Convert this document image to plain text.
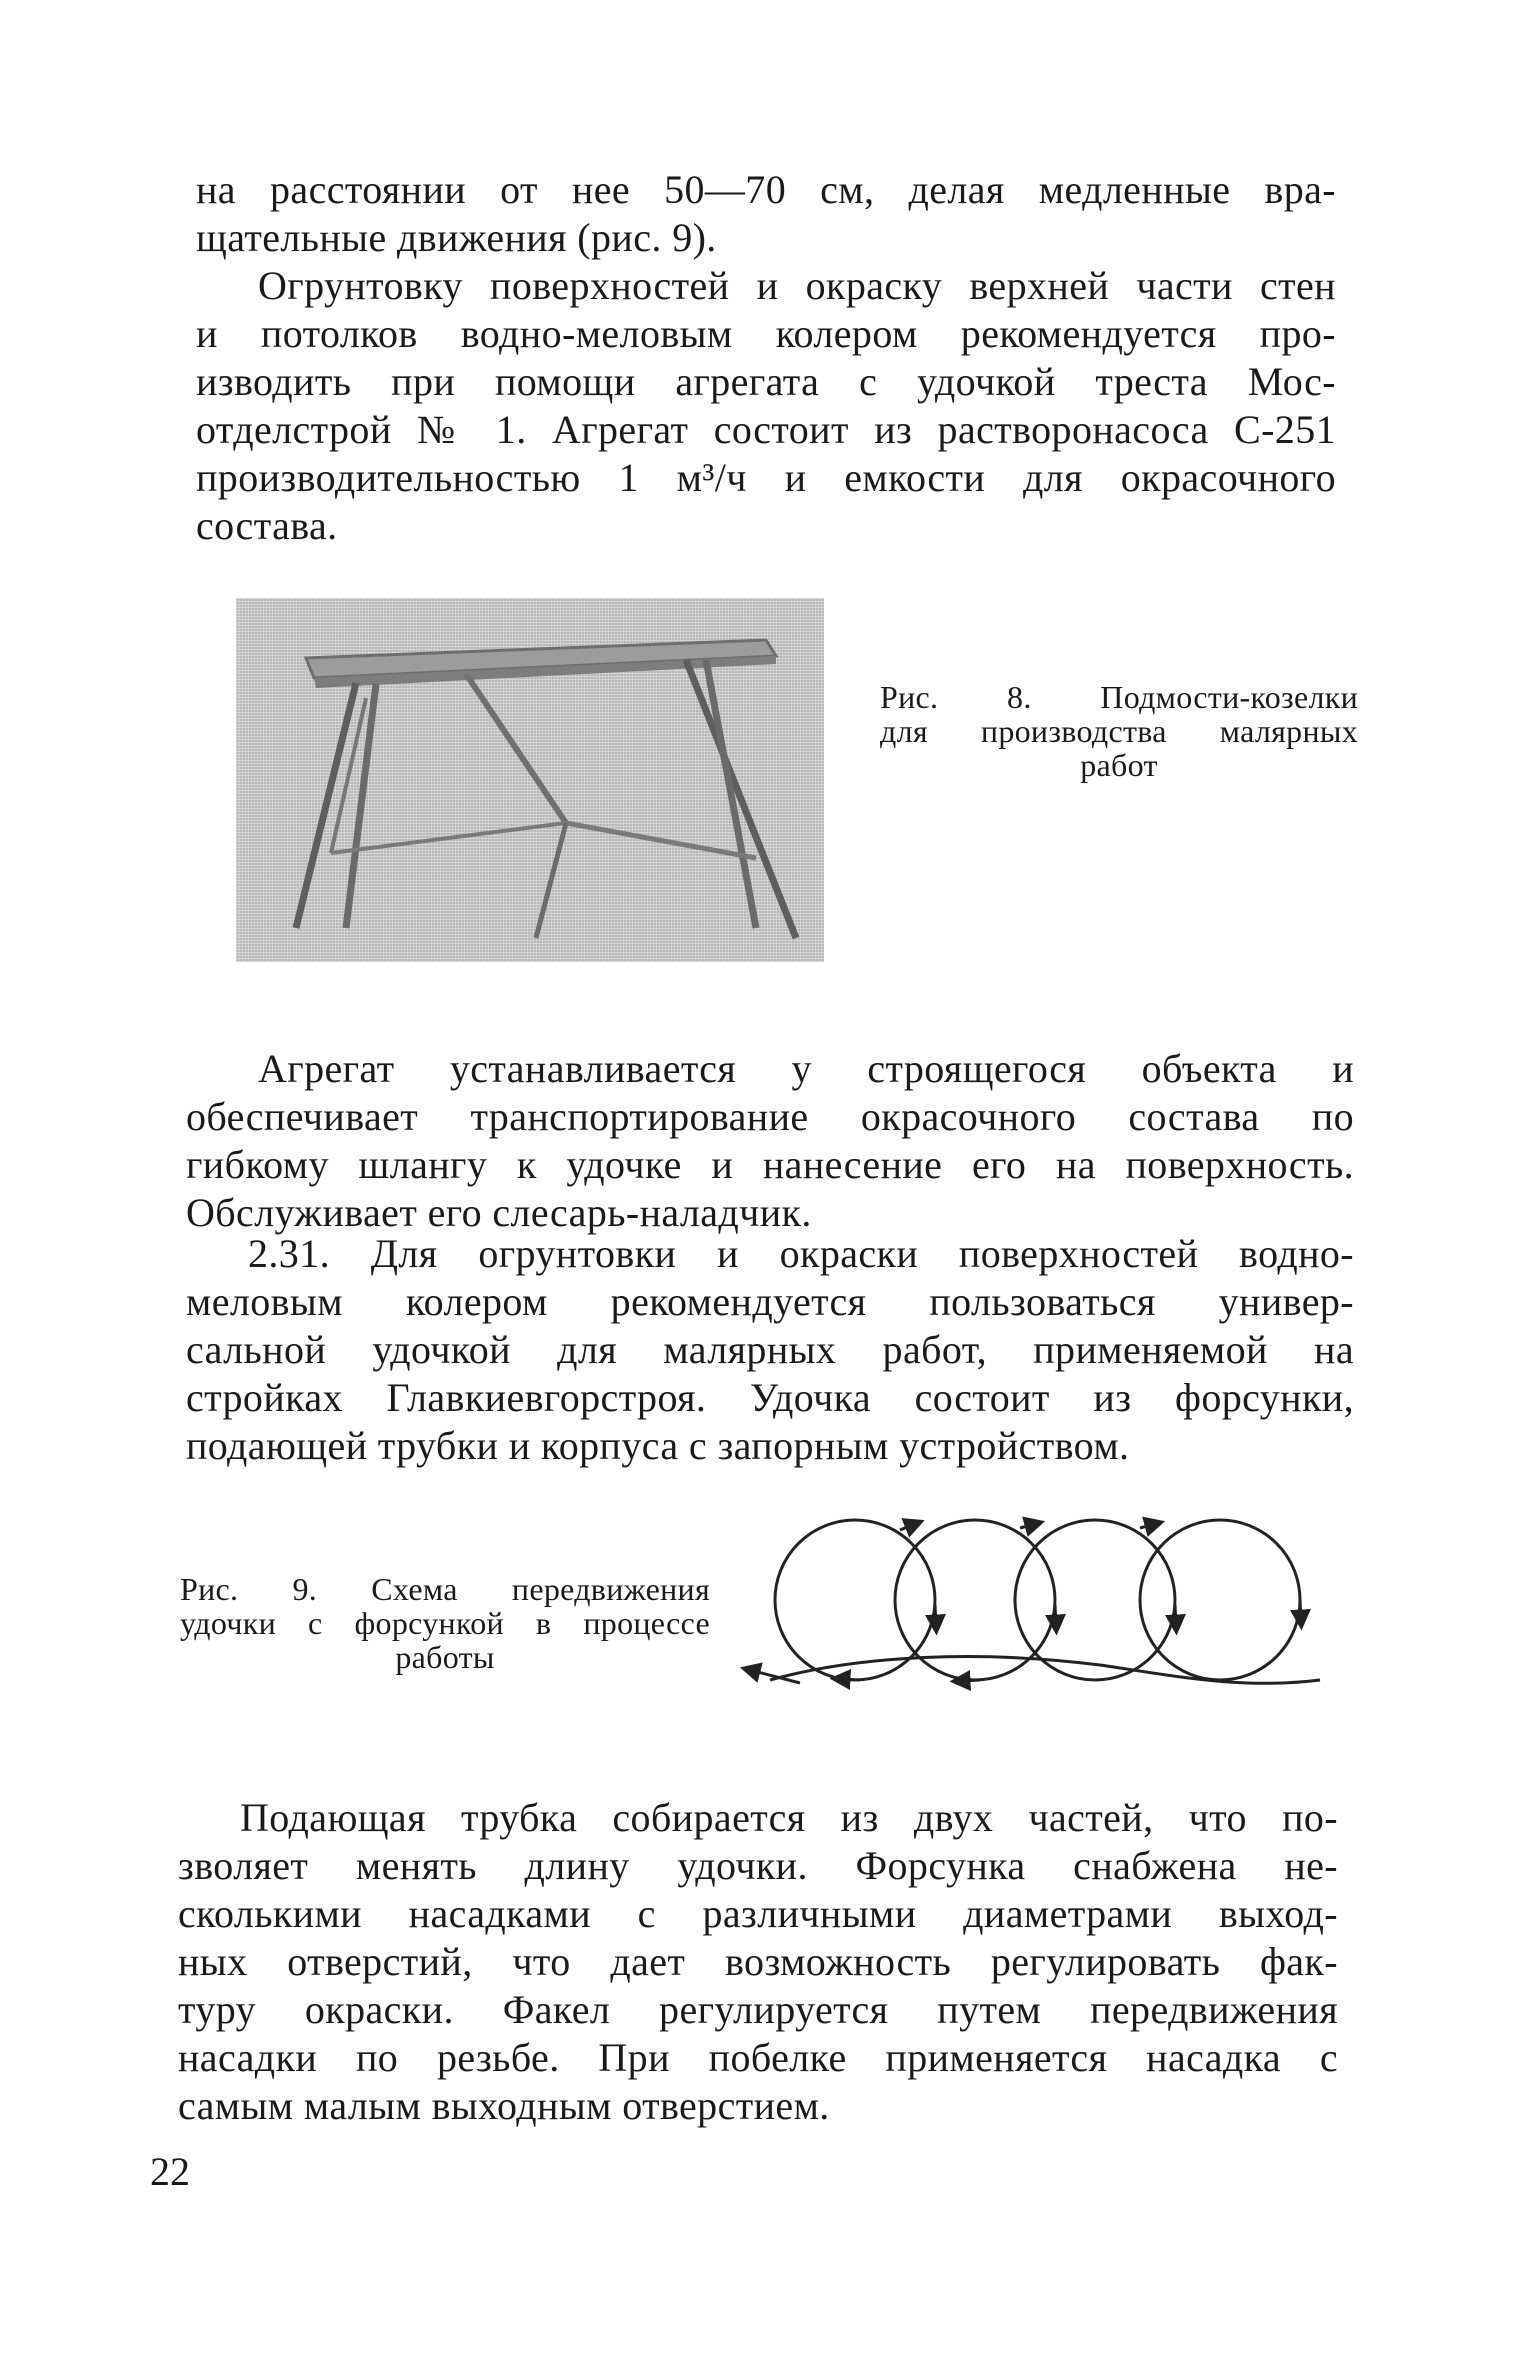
на расстоянии от нее 50—70 см, делая медленные вра-
щательные движения (рис. 9).
Огрунтовку поверхностей и окраску верхней части стен
и потолков водно-меловым колером рекомендуется про-
изводить при помощи агрегата с удочкой треста Мос-
отделстрой № 1. Агрегат состоит из растворонасоса С-251
производительностью 1 м³/ч и емкости для окрасочного
состава.
Рис. 8. Подмости-козелки
для производства малярных
работ
Агрегат устанавливается у строящегося объекта и
обеспечивает транспортирование окрасочного состава по
гибкому шлангу к удочке и нанесение его на поверхность.
Обслуживает его слесарь-наладчик.
2.31. Для огрунтовки и окраски поверхностей водно-
меловым колером рекомендуется пользоваться универ-
сальной удочкой для малярных работ, применяемой на
стройках Главкиевгорстроя. Удочка состоит из форсунки,
подающей трубки и корпуса с запорным устройством.
Рис. 9. Схема передвижения
удочки с форсункой в процессе
работы
Подающая трубка собирается из двух частей, что по-
зволяет менять длину удочки. Форсунка снабжена не-
сколькими насадками с различными диаметрами выход-
ных отверстий, что дает возможность регулировать фак-
туру окраски. Факел регулируется путем передвижения
насадки по резьбе. При побелке применяется насадка с
самым малым выходным отверстием.

22
